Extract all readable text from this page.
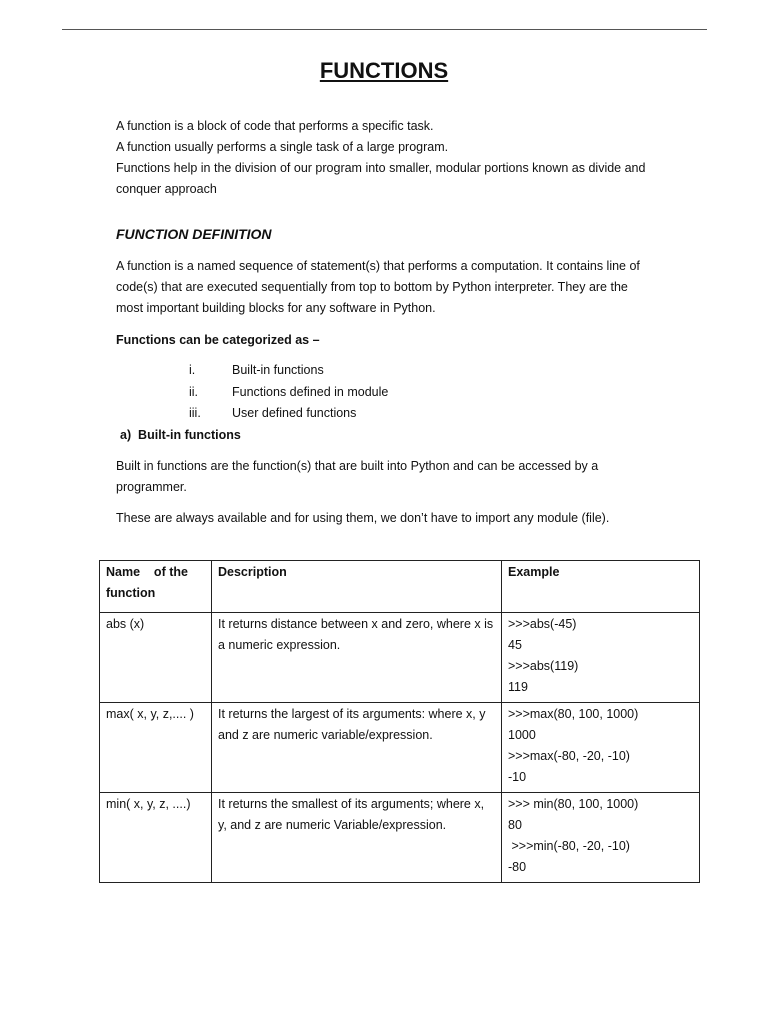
FUNCTIONS

A function is a block of code that performs a specific task.

A function usually performs a single task of a large program.

Functions help in the division of our program into smaller, modular portions known as divide and conquer approach

FUNCTION DEFINITION

A function is a named sequence of statement(s) that performs a computation. It contains line of code(s) that are executed sequentially from top to bottom by Python interpreter. They are the most important building blocks for any software in Python.

Functions can be categorized as –
i.	Built-in functions
ii.	Functions defined in module
iii.	User defined functions
a)  Built-in functions

Built in functions are the function(s) that are built into Python and can be accessed by a programmer.

These are always available and for using them, we don’t have to import any module (file).

Name    of the function	Description	Example
abs (x)	It returns distance between x and zero, where x is a numeric expression.	>>>abs(-45)
45
>>>abs(119)
119

max( x, y, z,.... )	It returns the largest of its arguments: where x, y and z are numeric variable/expression.	>>>max(80, 100, 1000)
1000
>>>max(-80, -20, -10)
-10

min( x, y, z, ....)	It returns the smallest of its arguments; where x, y, and z are numeric Variable/expression.	>>> min(80, 100, 1000)
80
>>>min(-80, -20, -10)
-80
